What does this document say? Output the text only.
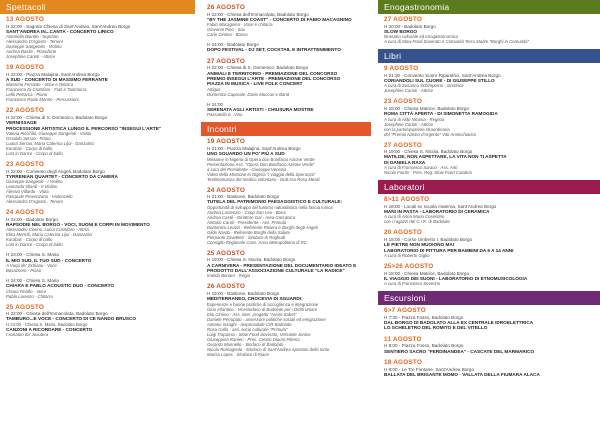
Spettacoli
13 AGOSTO
H 22:00 - Sagrato Chiesa di Sant'Andrea, Sant'Andrea Borgo
SANT'ANDREA IN...CANTA - CONCERTO LIRICO
Antonella Biondo - Soprano
Alessandra D'Agosto - Tenore
Giuseppe Sangenito - Violino
Andrea Basile - Pianoforte
Josephine Carioti - Attrice
19 AGOSTO
H 22:00 - Piazza Malajina, Sant'Andrea Borgo
A SUD - CONCERTO DI MASSIMO FERRANTE
Massimo Ferrante - Voce e chitarra
Francesco Di Crotofaro - Fiati e Tammorra
Lello Petrarca - Piano
Francesco Paolo Manno - Percussioni
22 AGOSTO
H 22:00 - Chiesa di S. Domenico, Badolato Borgo
VERNISSAGE
PROCESSIONE ARTISTICA LUNGO IL PERCORSO "INSEGUI L'ARTE"
Valeria Piccirillo, Giuseppe Sangeniti - Violini
Osvaldo Serrao - Piano
Luana Serrao, Maria Caterina Lijoi - Danzatrici
Korabas - Corpo di ballo
Lost in Dance - Corpo di ballo
23 AGOSTO
H 22:00 - Convento degli Angeli, Badolato Borgo
TYRRENIAN QUARTET - CONCERTO DA CAMERA
Giuseppe Sangeniti - I Violino
Leonardo Vilardi - II Violino
Alessio Villardo - Viola
Pasquale Provenzano - Violoncello
Alessandra D'Agosto - Tenore
24 AGOSTO
H 22:00 - Badolato Borgo
RAPSODIE NEL BORGO - VOCI, SUONI E CORPI IN MOVIMENTO
Alessandro Cimino, Lucia Cristofaro - Attrici
Elisa Mencili, Maria Caterina Lijoi - Danzatrici
Korabas - Corpo di ballo
Lost in Dance - Corpo di ballo
H 23:00 - Chiesa S. Maria
IL MIO SUD, IL TUO SUD - CONCERTO
A Vurpi de' Schianu - Voce
Bosaznero - Piano
H 24:00 - Chiesa S. Maria
CHIARA E PABLO ACOUSTIC DUO - CONCERTO
Chiara Fiorillo - Voce
Pablo Lorenzo - Chitarra
25 AGOSTO
H 22:00 - Chiesa dell'Immacolata, Badolato Borgo
TAMBURO...E VOCE - CONCERTO DI CE NANDO BRUSCO
H 23:00 - Chiesa S. Maria, Badolato Borgo
CANZONI A RICORDARE - CONCERTO
I sonatori da' Jusutera
26 AGOSTO
H 22:00 - Chiesa dell'Immacolata, Badolato Borgo
"BY THE JASMINE COAST" - CONCERTO DI FABIO MACAGNINO
Fabio Macagnino - Voce e chitarra
Giovanni Pino - Sax
Carlo Cimino - Basso
H 24:00 - Badolato Borgo
DOPO FESTIVAL - DJ SET, COCKTAIL E INTRATTENIMENTO
27 AGOSTO
H 22:00 - Chiesa di S. Domenico, Badolato Borgo
ANIMALI E TERRITORIO - PREMIAZIONE DEL CONCORSO
PREMIO INSEGUI L'ARTE - PREMIAZIONE DEL CONCORSO
PIAZZA IN MUSICA - LIVE FOLK CONCERT
Artigus
Domenico Caporale, Davis Muccari e Band
H 24:00
SERENATA AGLI ARTISTI - CHIUSURA MOSTRE
Passatella e...Vinu
Incontri
19 AGOSTO
H 21:00 - Piazza Malajina, Sant'Andrea Borgo
UNO SGUARDO UN PO' PIÙ A SUD
Missione in Nigeria di Opera don Bonifacio Azione Verde
Presentazione Ass. "Opera Don Bonifacio Azione Verde"
a cura del Presidente - Giuseppe Venezia
Video della Missione in Nigeria "i viaggio della Speranza"
Testimonianza del medico volontario - Dott.ssa Rosa Mesiti
24 AGOSTO
H 21:00 - Bastione, Badolato Borgo
TUTELA DEL PATRIMONIO PAESAGGISTICO E CULTURALE:
Opportunità di sviluppo del turismo naturalistico nella fascia Ionica
Andrea Lucrenzio - Coop San Leo - Bova
Andrea Castè - Direttore Gal - Area Grecanica
Antonio Caroli - Presidente - Ass. Primula
Domenico Leuzzi - Referente Riviera e Borghi degli Angeli
Gildo Nardo - Referente Borghi della Salute
Pierpaolo Zavettieri - Sindaco di Roghudi
Consiglio Regionale Cons. Area Metropolitana di RC
25 AGOSTO
H 19:00 - Chiesa S. Nicola, Badolato Borgo
A CARNIVERA - PRESENTAZIONE DEL DOCUMENTARIO IDEATO E PRODOTTO DALL'ASSOCIAZIONE CULTURALE "LA RADICE"
Imelda Bonaro - Regia
26 AGOSTO
H 19:00 - Bastione, Badolato Borgo
MEDITERRANEO, CROCEVIA DI SGUARDI:
Esperienze e buone pratiche di accoglienza e integrazione
Gino Infantino - Vicesindaco di Badolato per i Diritti umani
Elio Cimino - Ass. inter. progetto "Arene Sabet"
Daniele Perrupato - assessore politiche sociali ed emigrazione
Antonio Inzaghi - responsabile CIR Badolato
Rosa Gallo - ass. socio culturale "Primula"
Luigi Trapasso - Slow Food Soverato, Versante Jonico
Giuseppina Ranieri - Pres. Centro Diurno Pilema
Gerardo Mannello - Sindaco di Badolato
Nicola Romagnolo - Sindaco di Sant'Andrea Apostolo dello Ionio
Marisa Lopes - Sindaco di Riace
Enogastronomia
27 AGOSTO
H 20:00 - Badolato Borgo
SLOW BORGO
Itinerario culturale ed enogastronomico
A cura di Slow Food Soverato e Comunità Terra Madre "Borghi in Comunità"
Libri
9 AGOSTO
H 21:30 - Convento Suore Riparatrici, Sant'Andrea Borgo
CORIANDOLI SUL CUORE - DI GIUSEPPE STILLO
A cura di Susanna Schimperna - Scrittrice
Josephine Carioti - Attrice
23 AGOSTO
H 18:00 - Chiesa Matrice, Badolato Borgo
ROMA CITTÀ APERTA - DI SIMONETTA RAMOGIDA
A cura di Aldo Nicosia - Regista
Josephine Carioti - Attrice
con la partecipazione straordinaria
del "Premio Nastro d'Argento" Vito Annicchiarico
27 AGOSTO
H 19:00 - Chiesa S. Nicola, Badolato Borgo
MATILDE, NON ASPETTARE, LA VITA NON TI ASPETTA
DI DANIELA RAXA
A cura di Francesco Saraco - Ass. Anti
Nicola Fiorito - Pres. Reg. Slow Food Calabria
Laboratori
8>11 AGOSTO
H 18:00 - Locali ex scuola materna, Sant'Andrea Borgo
MANI IN PASTA - LABORATORIO DI CERAMICA
A cura di Anna Maria Cosentino
con i ragazzi del C.I.R. di Badolato
20 AGOSTO
H 18:00 - Corso Umberto I, Badolato Borgo
LE PIETRE NON MUOIONO MAI
LABORATORIO DI PITTURA PER BAMBINI DA 6 A 14 ANNI
A cura di Roberto Giglio
25>26 AGOSTO
H 18:00 - Chiesa Matrice, Badolato Borgo
IL VIAGGIO DEI SUONI - LABORATORIO DI ETNOMUSICOLOGIA
A cura di Francesco Severino
Escursioni
6>7 AGOSTO
H 7:30 - Piazza Fosso, Badolato Borgo
DAL BORGO DI BADOLATO ALLA EX CENTRALE IDROELETTRICA
LO SCHELETRO DEL ROMITO E DEL VITELLO
11 AGOSTO
H 8:00 - Piazza Fosso, Badolato Borgo
SENTIERO SACRO "FERDINANDEA" - CASCATE DEL MARMARICO
18 AGOSTO
H 8:00 - Le Tre Fontane, Sant'Andrea Borgo
BALLATA DEL BRIGANTE MOMO - VALLATA DELLA FIUMARA ALACA
